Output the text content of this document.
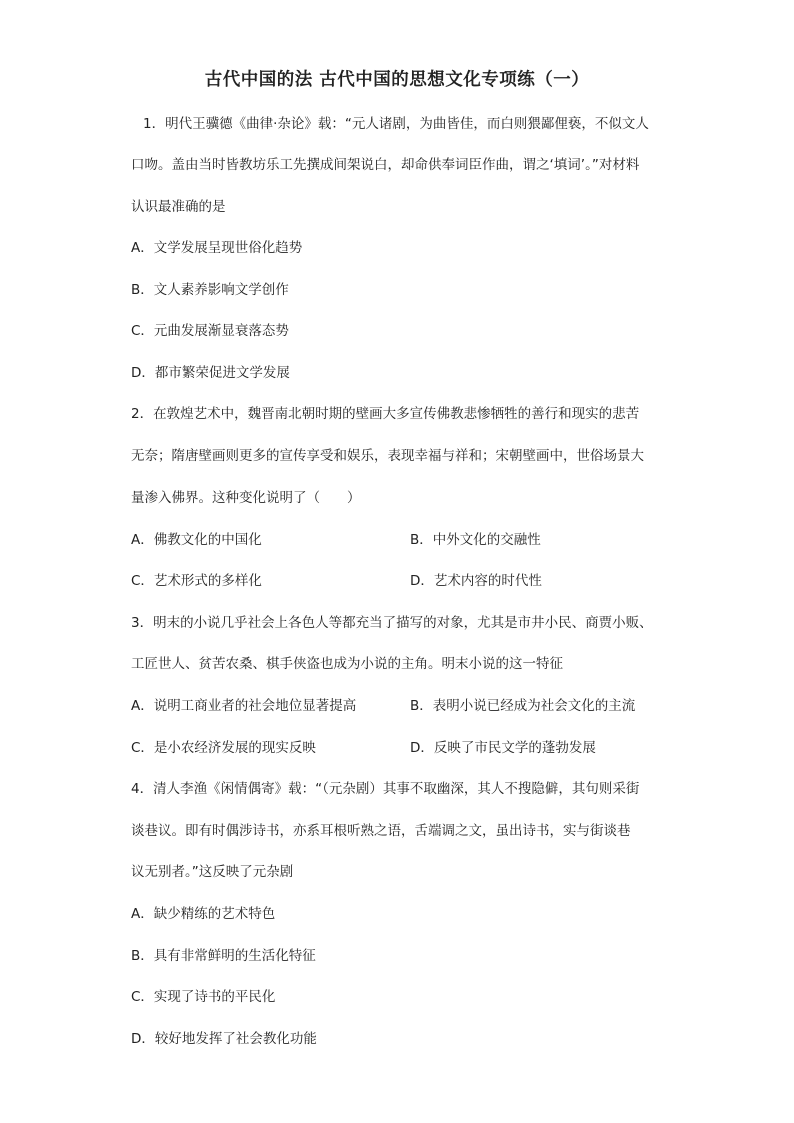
古代中国的法 古代中国的思想文化专项练（一）
1．明代王骥德《曲律·杂论》载：“元人诸剧，为曲皆佳，而白则猥鄙俚亵，不似文人
口吻。盖由当时皆教坊乐工先撰成间架说白，却命供奉词臣作曲，谓之‘填词’。”对材料
认识最准确的是
A．文学发展呈现世俗化趋势
B．文人素养影响文学创作
C．元曲发展渐显衰落态势
D．都市繁荣促进文学发展
2．在敦煌艺术中，魏晋南北朝时期的壁画大多宣传佛教悲惨牺牲的善行和现实的悲苦
无奈；隋唐壁画则更多的宣传享受和娱乐，表现幸福与祥和；宋朝壁画中，世俗场景大
量渗入佛界。这种变化说明了（　　）
A．佛教文化的中国化	B．中外文化的交融性
C．艺术形式的多样化	D．艺术内容的时代性
3．明末的小说几乎社会上各色人等都充当了描写的对象，尤其是市井小民、商贾小贩、
工匠世人、贫苦农桑、棋手侠盗也成为小说的主角。明末小说的这一特征
A．说明工商业者的社会地位显著提高	B．表明小说已经成为社会文化的主流
C．是小农经济发展的现实反映	D．反映了市民文学的蓬勃发展
4．清人李渔《闲情偶寄》载：“（元杂剧）其事不取幽深，其人不搜隐僻，其句则采街
谈巷议。即有时偶涉诗书，亦系耳根听熟之语，舌端调之文，虽出诗书，实与街谈巷
议无别者。”这反映了元杂剧
A．缺少精练的艺术特色
B．具有非常鲜明的生活化特征
C．实现了诗书的平民化
D．较好地发挥了社会教化功能
